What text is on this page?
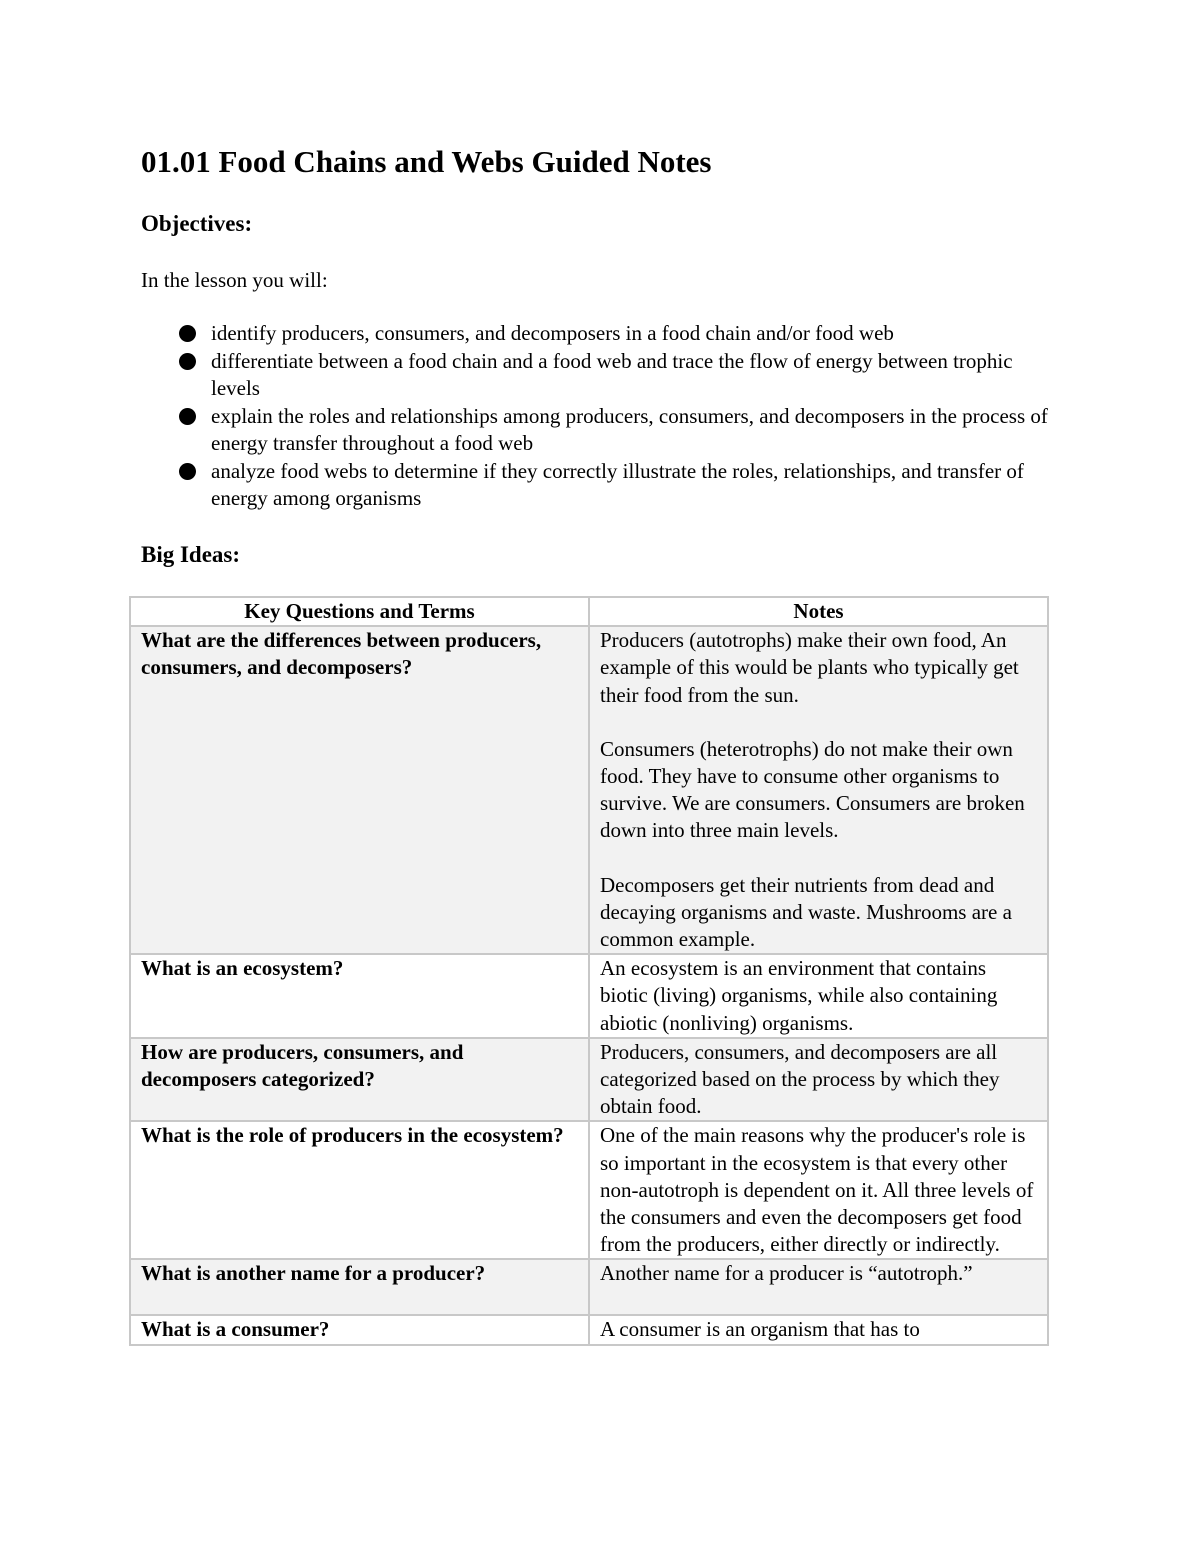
01.01 Food Chains and Webs Guided Notes
Objectives:

In the lesson you will:

identify producers, consumers, and decomposers in a food chain and/or food web
differentiate between a food chain and a food web and trace the flow of energy between trophic levels
explain the roles and relationships among producers, consumers, and decomposers in the process of energy transfer throughout a food web
analyze food webs to determine if they correctly illustrate the roles, relationships, and transfer of energy among organisms
Big Ideas:
Key Questions and Terms	Notes
What are the differences between producers, consumers, and decomposers?	Producers (autotrophs) make their own food, An example of this would be plants who typically get their food from the sun.
Consumers (heterotrophs) do not make their own food. They have to consume other organisms to survive. We are consumers. Consumers are broken down into three main levels.
Decomposers get their nutrients from dead and decaying organisms and waste. Mushrooms are a common example.

What is an ecosystem?	An ecosystem is an environment that contains biotic (living) organisms, while also containing abiotic (nonliving) organisms.
How are producers, consumers, and decomposers categorized?	Producers, consumers, and decomposers are all categorized based on the process by which they obtain food.
What is the role of producers in the ecosystem?	One of the main reasons why the producer's role is so important in the ecosystem is that every other non-autotroph is dependent on it. All three levels of the consumers and even the decomposers get food from the producers, either directly or indirectly.
What is another name for a producer?	Another name for a producer is “autotroph.”
What is a consumer?	A consumer is an organism that has to
